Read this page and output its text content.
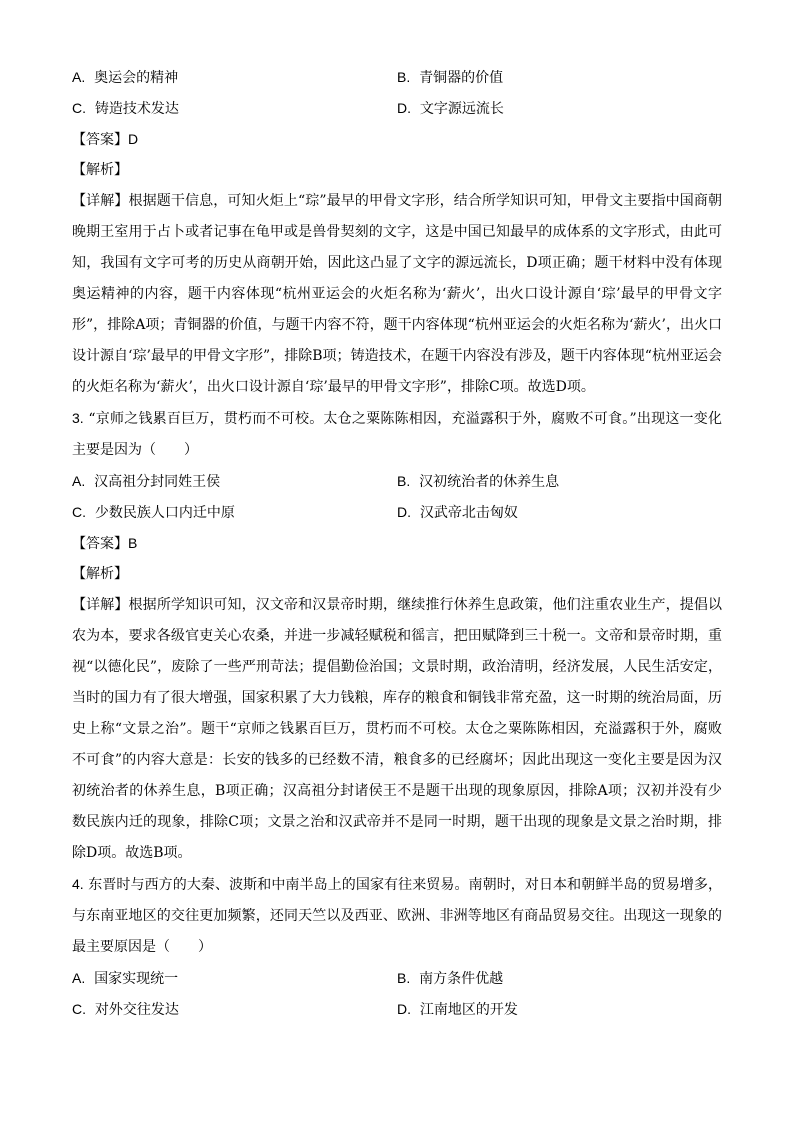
A. 奥运会的精神	B. 青铜器的价值
C. 铸造技术发达	D. 文字源远流长
【答案】D
【解析】
【详解】根据题干信息，可知火炬上“琮”最早的甲骨文字形，结合所学知识可知，甲骨文主要指中国商朝晚期王室用于占卜或者记事在龟甲或是兽骨契刻的文字，这是中国已知最早的成体系的文字形式，由此可知，我国有文字可考的历史从商朝开始，因此这凸显了文字的源远流长，D项正确；题干材料中没有体现奥运精神的内容，题干内容体现“杭州亚运会的火炬名称为‘薪火’，出火口设计源自‘琮’最早的甲骨文字形”，排除A项；青铜器的价值，与题干内容不符，题干内容体现“杭州亚运会的火炬名称为‘薪火’，出火口设计源自‘琮’最早的甲骨文字形”，排除B项；铸造技术，在题干内容没有涉及，题干内容体现“杭州亚运会的火炬名称为‘薪火’，出火口设计源自‘琮’最早的甲骨文字形”，排除C项。故选D项。
3. “京师之钱累百巨万，贯朽而不可校。太仓之粟陈陈相因，充溢露积于外，腐败不可食。”出现这一变化主要是因为（　　）
A. 汉高祖分封同姓王侯	B. 汉初统治者的休养生息
C. 少数民族人口内迁中原	D. 汉武帝北击匈奴
【答案】B
【解析】
【详解】根据所学知识可知，汉文帝和汉景帝时期，继续推行休养生息政策，他们注重农业生产，提倡以农为本，要求各级官吏关心农桑，并进一步减轻赋税和徭言，把田赋降到三十税一。文帝和景帝时期，重视“以德化民”，废除了一些严刑苛法；提倡勤俭治国；文景时期，政治清明，经济发展，人民生活安定，当时的国力有了很大增强，国家积累了大力钱粮，库存的粮食和铜钱非常充盈，这一时期的统治局面，历史上称“文景之治”。题干“京师之钱累百巨万，贯朽而不可校。太仓之粟陈陈相因，充溢露积于外，腐败不可食”的内容大意是：长安的钱多的已经数不清，粮食多的已经腐坏；因此出现这一变化主要是因为汉初统治者的休养生息，B项正确；汉高祖分封诸侯王不是题干出现的现象原因，排除A项；汉初并没有少数民族内迁的现象，排除C项；文景之治和汉武帝并不是同一时期，题干出现的现象是文景之治时期，排除D项。故选B项。
4. 东晋时与西方的大秦、波斯和中南半岛上的国家有往来贸易。南朝时，对日本和朝鲜半岛的贸易增多，与东南亚地区的交往更加频繁，还同天竺以及西亚、欧洲、非洲等地区有商品贸易交往。出现这一现象的最主要原因是（　　）
A. 国家实现统一	B. 南方条件优越
C. 对外交往发达	D. 江南地区的开发
